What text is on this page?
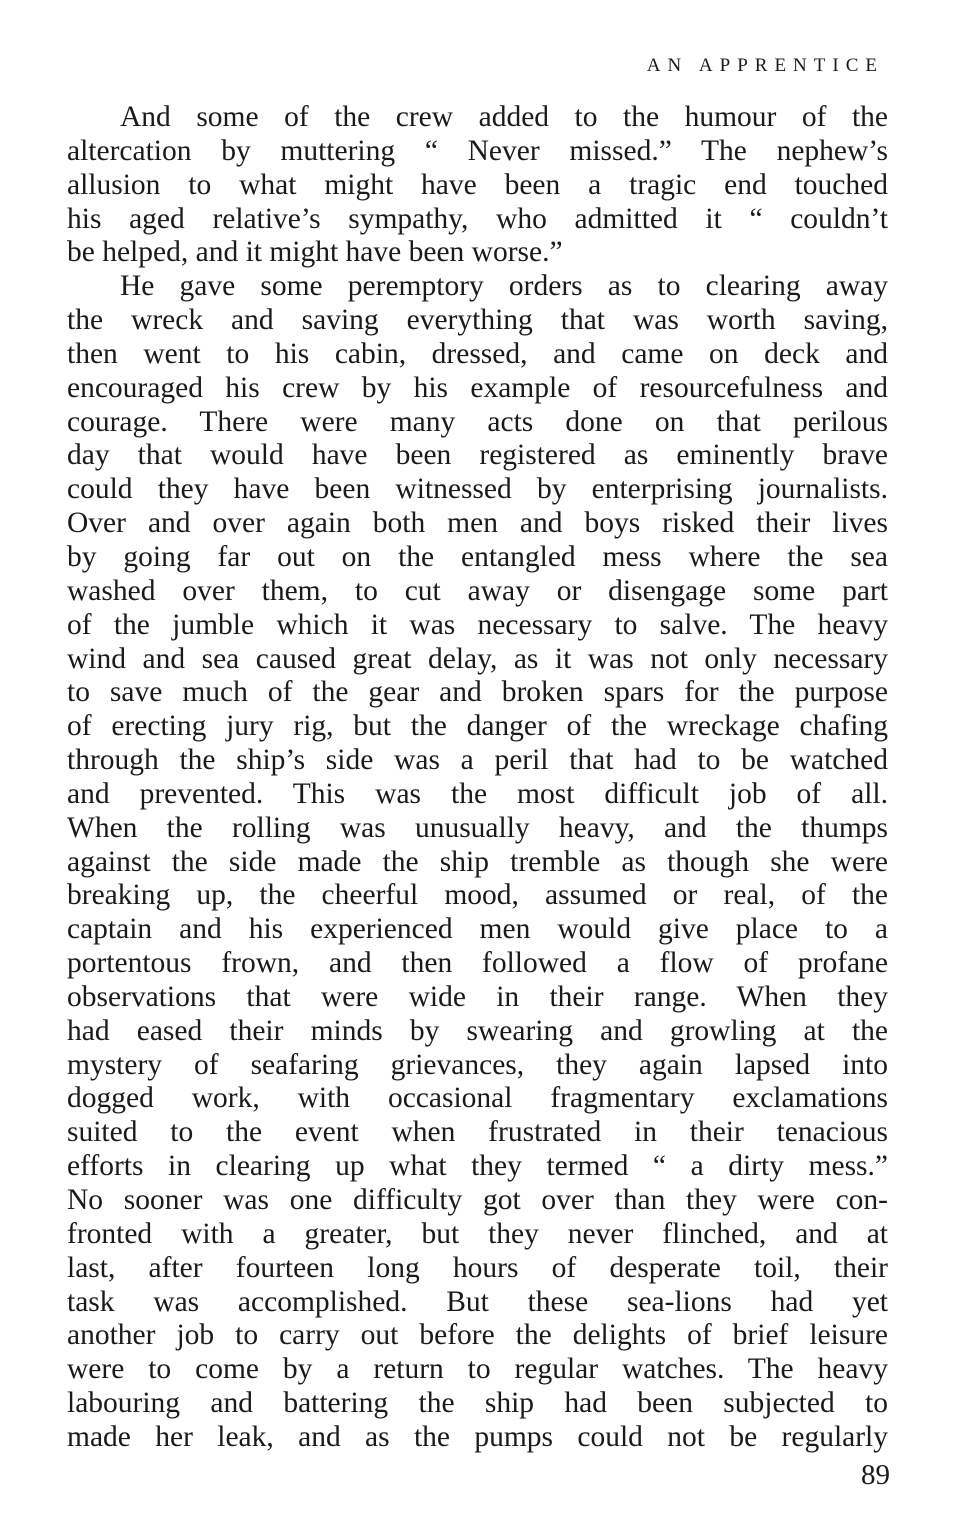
AN APPRENTICE
And some of the crew added to the humour of the
altercation by muttering “ Never missed.” The nephew’s
allusion to what might have been a tragic end touched
his aged relative’s sympathy, who admitted it “ couldn’t
be helped, and it might have been worse.”
He gave some peremptory orders as to clearing away
the wreck and saving everything that was worth saving,
then went to his cabin, dressed, and came on deck and
encouraged his crew by his example of resourcefulness and
courage. There were many acts done on that perilous
day that would have been registered as eminently brave
could they have been witnessed by enterprising journalists.
Over and over again both men and boys risked their lives
by going far out on the entangled mess where the sea
washed over them, to cut away or disengage some part
of the jumble which it was necessary to salve. The heavy
wind and sea caused great delay, as it was not only necessary
to save much of the gear and broken spars for the purpose
of erecting jury rig, but the danger of the wreckage chafing
through the ship’s side was a peril that had to be watched
and prevented. This was the most difficult job of all.
When the rolling was unusually heavy, and the thumps
against the side made the ship tremble as though she were
breaking up, the cheerful mood, assumed or real, of the
captain and his experienced men would give place to a
portentous frown, and then followed a flow of profane
observations that were wide in their range. When they
had eased their minds by swearing and growling at the
mystery of seafaring grievances, they again lapsed into
dogged work, with occasional fragmentary exclamations
suited to the event when frustrated in their tenacious
efforts in clearing up what they termed “ a dirty mess.”
No sooner was one difficulty got over than they were con-
fronted with a greater, but they never flinched, and at
last, after fourteen long hours of desperate toil, their
task was accomplished. But these sea-lions had yet
another job to carry out before the delights of brief leisure
were to come by a return to regular watches. The heavy
labouring and battering the ship had been subjected to
made her leak, and as the pumps could not be regularly
89
